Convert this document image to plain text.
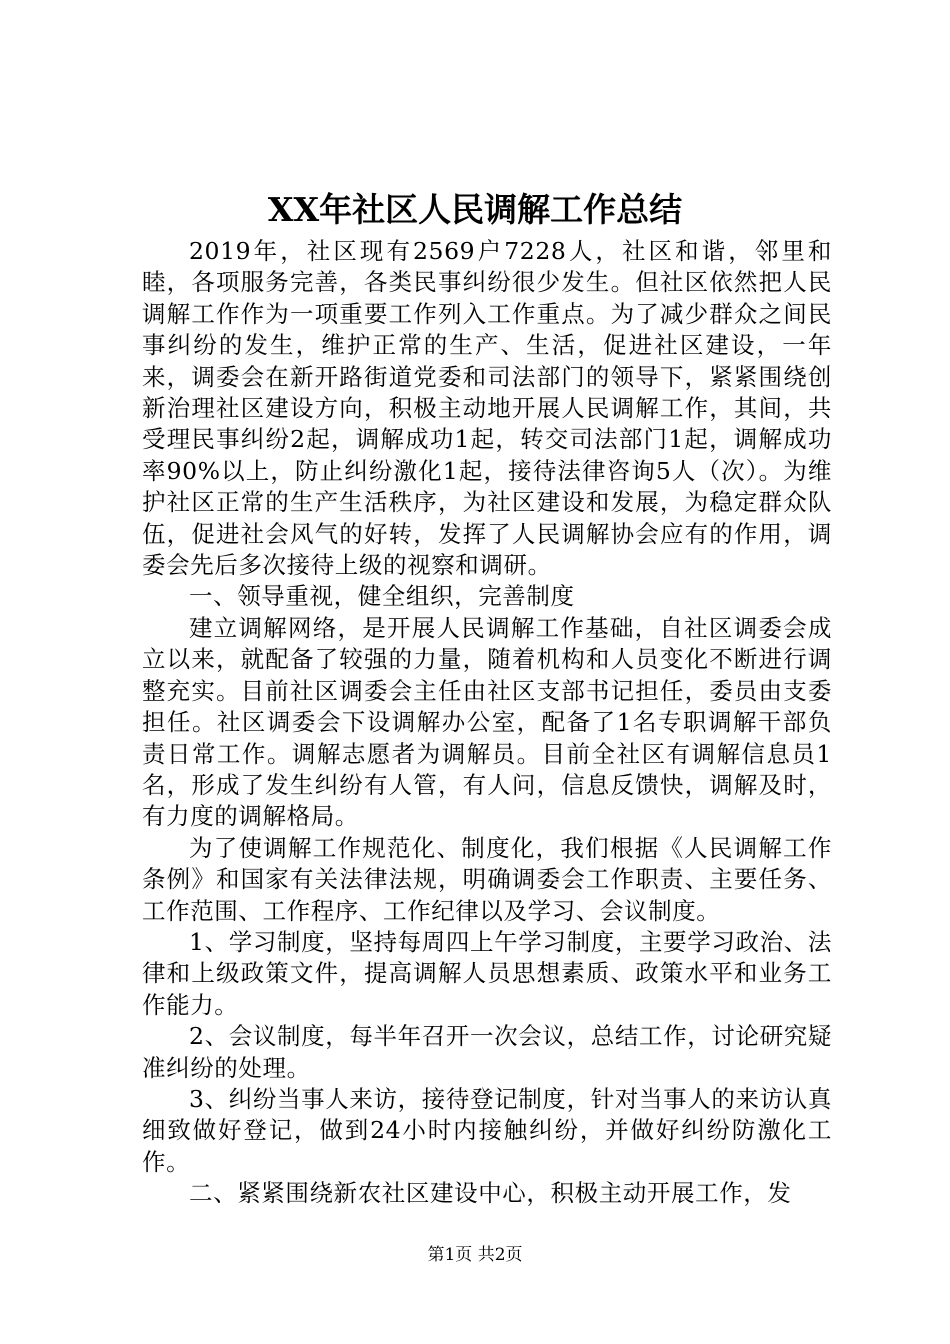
XX年社区人民调解工作总结

2019年，社区现有2569户7228人，社区和谐，邻里和睦，各项服务完善，各类民事纠纷很少发生。但社区依然把人民调解工作作为一项重要工作列入工作重点。为了减少群众之间民事纠纷的发生，维护正常的生产、生活，促进社区建设，一年来，调委会在新开路街道党委和司法部门的领导下，紧紧围绕创新治理社区建设方向，积极主动地开展人民调解工作，其间，共受理民事纠纷2起，调解成功1起，转交司法部门1起，调解成功率90%以上，防止纠纷激化1起，接待法律咨询5人（次）。为维护社区正常的生产生活秩序，为社区建设和发展，为稳定群众队伍，促进社会风气的好转，发挥了人民调解协会应有的作用，调委会先后多次接待上级的视察和调研。

一、领导重视，健全组织，完善制度

建立调解网络，是开展人民调解工作基础，自社区调委会成立以来，就配备了较强的力量，随着机构和人员变化不断进行调整充实。目前社区调委会主任由社区支部书记担任，委员由支委担任。社区调委会下设调解办公室，配备了1名专职调解干部负责日常工作。调解志愿者为调解员。目前全社区有调解信息员1名，形成了发生纠纷有人管，有人问，信息反馈快，调解及时，有力度的调解格局。

为了使调解工作规范化、制度化，我们根据《人民调解工作条例》和国家有关法律法规，明确调委会工作职责、主要任务、工作范围、工作程序、工作纪律以及学习、会议制度。

1、学习制度，坚持每周四上午学习制度，主要学习政治、法律和上级政策文件，提高调解人员思想素质、政策水平和业务工作能力。

2、会议制度，每半年召开一次会议，总结工作，讨论研究疑准纠纷的处理。

3、纠纷当事人来访，接待登记制度，针对当事人的来访认真细致做好登记，做到24小时内接触纠纷，并做好纠纷防激化工作。

二、紧紧围绕新农社区建设中心，积极主动开展工作，发

第1页 共2页
